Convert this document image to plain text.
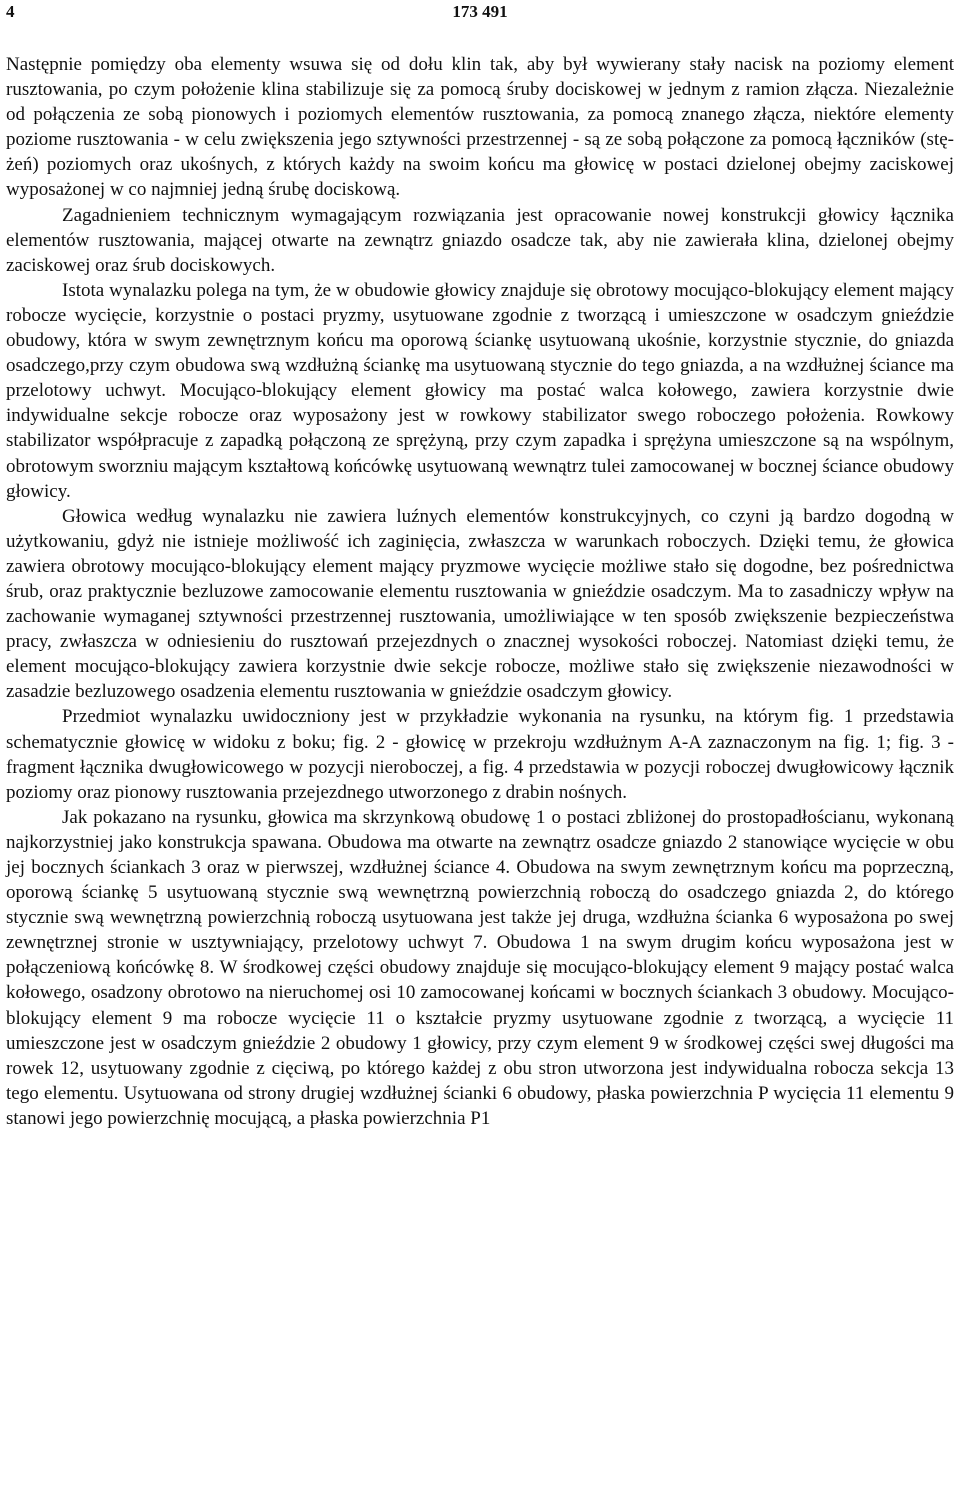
4	173 491

Następnie pomiędzy oba elementy wsuwa się od dołu klin tak, aby był wywierany stały nacisk na poziomy element rusztowania, po czym położenie klina stabilizuje się za pomocą śruby dociskowej w jednym z ramion złącza. Niezależnie od połączenia ze sobą pionowych i poziomych elementów rusztowania, za pomocą znanego złącza, niektóre elementy poziome rusztowania - w celu zwiększenia jego sztywności przestrzennej - są ze sobą połączone za pomocą łączników (stężeń) poziomych oraz ukośnych, z których każdy na swoim końcu ma głowicę w postaci dzielonej obejmy zaciskowej wyposażonej w co najmniej jedną śrubę dociskową.

Zagadnieniem technicznym wymagającym rozwiązania jest opracowanie nowej konstrukcji głowicy łącznika elementów rusztowania, mającej otwarte na zewnątrz gniazdo osadcze tak, aby nie zawierała klina, dzielonej obejmy zaciskowej oraz śrub dociskowych.

Istota wynalazku polega na tym, że w obudowie głowicy znajduje się obrotowy mocująco-blokujący element mający robocze wycięcie, korzystnie o postaci pryzmy, usytuowane zgodnie z tworzącą i umieszczone w osadczym gnieździe obudowy, która w swym zewnętrznym końcu ma oporową ściankę usytuowaną ukośnie, korzystnie stycznie, do gniazda osadczego,przy czym obudowa swą wzdłużną ściankę ma usytuowaną stycznie do tego gniazda, a na wzdłużnej ściance ma przelotowy uchwyt. Mocująco-blokujący element głowicy ma postać walca kołowego, zawiera korzystnie dwie indywidualne sekcje robocze oraz wyposażony jest w rowkowy stabilizator swego roboczego położenia. Rowkowy stabilizator współpracuje z zapadką połączoną ze sprężyną, przy czym zapadka i sprężyna umieszczone są na wspólnym, obrotowym sworzniu mającym kształtową końcówkę usytuowaną wewnątrz tulei zamocowanej w bocznej ściance obudowy głowicy.

Głowica według wynalazku nie zawiera luźnych elementów konstrukcyjnych, co czyni ją bardzo dogodną w użytkowaniu, gdyż nie istnieje możliwość ich zaginięcia, zwłaszcza w warunkach roboczych. Dzięki temu, że głowica zawiera obrotowy mocująco-blokujący element mający pryzmowe wycięcie możliwe stało się dogodne, bez pośrednictwa śrub, oraz praktycznie bezluzowe zamocowanie elementu rusztowania w gnieździe osadczym. Ma to zasadniczy wpływ na zachowanie wymaganej sztywności przestrzennej rusztowania, umożliwiające w ten sposób zwiększenie bezpieczeństwa pracy, zwłaszcza w odniesieniu do rusztowań przejezdnych o znacznej wysokości roboczej. Natomiast dzięki temu, że element mocująco-blokujący zawiera korzystnie dwie sekcje robocze, możliwe stało się zwiększenie niezawodności w zasadzie bezluzowego osadzenia elementu rusztowania w gnieździe osadczym głowicy.

Przedmiot wynalazku uwidoczniony jest w przykładzie wykonania na rysunku, na którym fig. 1 przedstawia schematycznie głowicę w widoku z boku; fig. 2 - głowicę w przekroju wzdłużnym A-A zaznaczonym na fig. 1; fig. 3 - fragment łącznika dwugłowicowego w pozycji nieroboczej, a fig. 4 przedstawia w pozycji roboczej dwugłowicowy łącznik poziomy oraz pionowy rusztowania przejezdnego utworzonego z drabin nośnych.

Jak pokazano na rysunku, głowica ma skrzynkową obudowę 1 o postaci zbliżonej do prostopadłościanu, wykonaną najkorzystniej jako konstrukcja spawana. Obudowa ma otwarte na zewnątrz osadcze gniazdo 2 stanowiące wycięcie w obu jej bocznych ściankach 3 oraz w pierwszej, wzdłużnej ściance 4. Obudowa na swym zewnętrznym końcu ma poprzeczną, oporową ściankę 5 usytuowaną stycznie swą wewnętrzną powierzchnią roboczą do osadczego gniazda 2, do którego stycznie swą wewnętrzną powierzchnią roboczą usytuowana jest także jej druga, wzdłużna ścianka 6 wyposażona po swej zewnętrznej stronie w usztywniający, przelotowy uchwyt 7. Obudowa 1 na swym drugim końcu wyposażona jest w połączeniową końcówkę 8. W środkowej części obudowy znajduje się mocująco-blokujący element 9 mający postać walca kołowego, osadzony obrotowo na nieruchomej osi 10 zamocowanej końcami w bocznych ściankach 3 obudowy. Mocująco-blokujący element 9 ma robocze wycięcie 11 o kształcie pryzmy usytuowane zgodnie z tworzącą, a wycięcie 11 umieszczone jest w osadczym gnieździe 2 obudowy 1 głowicy, przy czym element 9 w środkowej części swej długości ma rowek 12, usytuowany zgodnie z cięciwą, po którego każdej z obu stron utworzona jest indywidualna robocza sekcja 13 tego elementu. Usytuowana od strony drugiej wzdłużnej ścianki 6 obudowy, płaska powierzchnia P wycięcia 11 elementu 9 stanowi jego powierzchnię mocującą, a płaska powierzchnia P1
